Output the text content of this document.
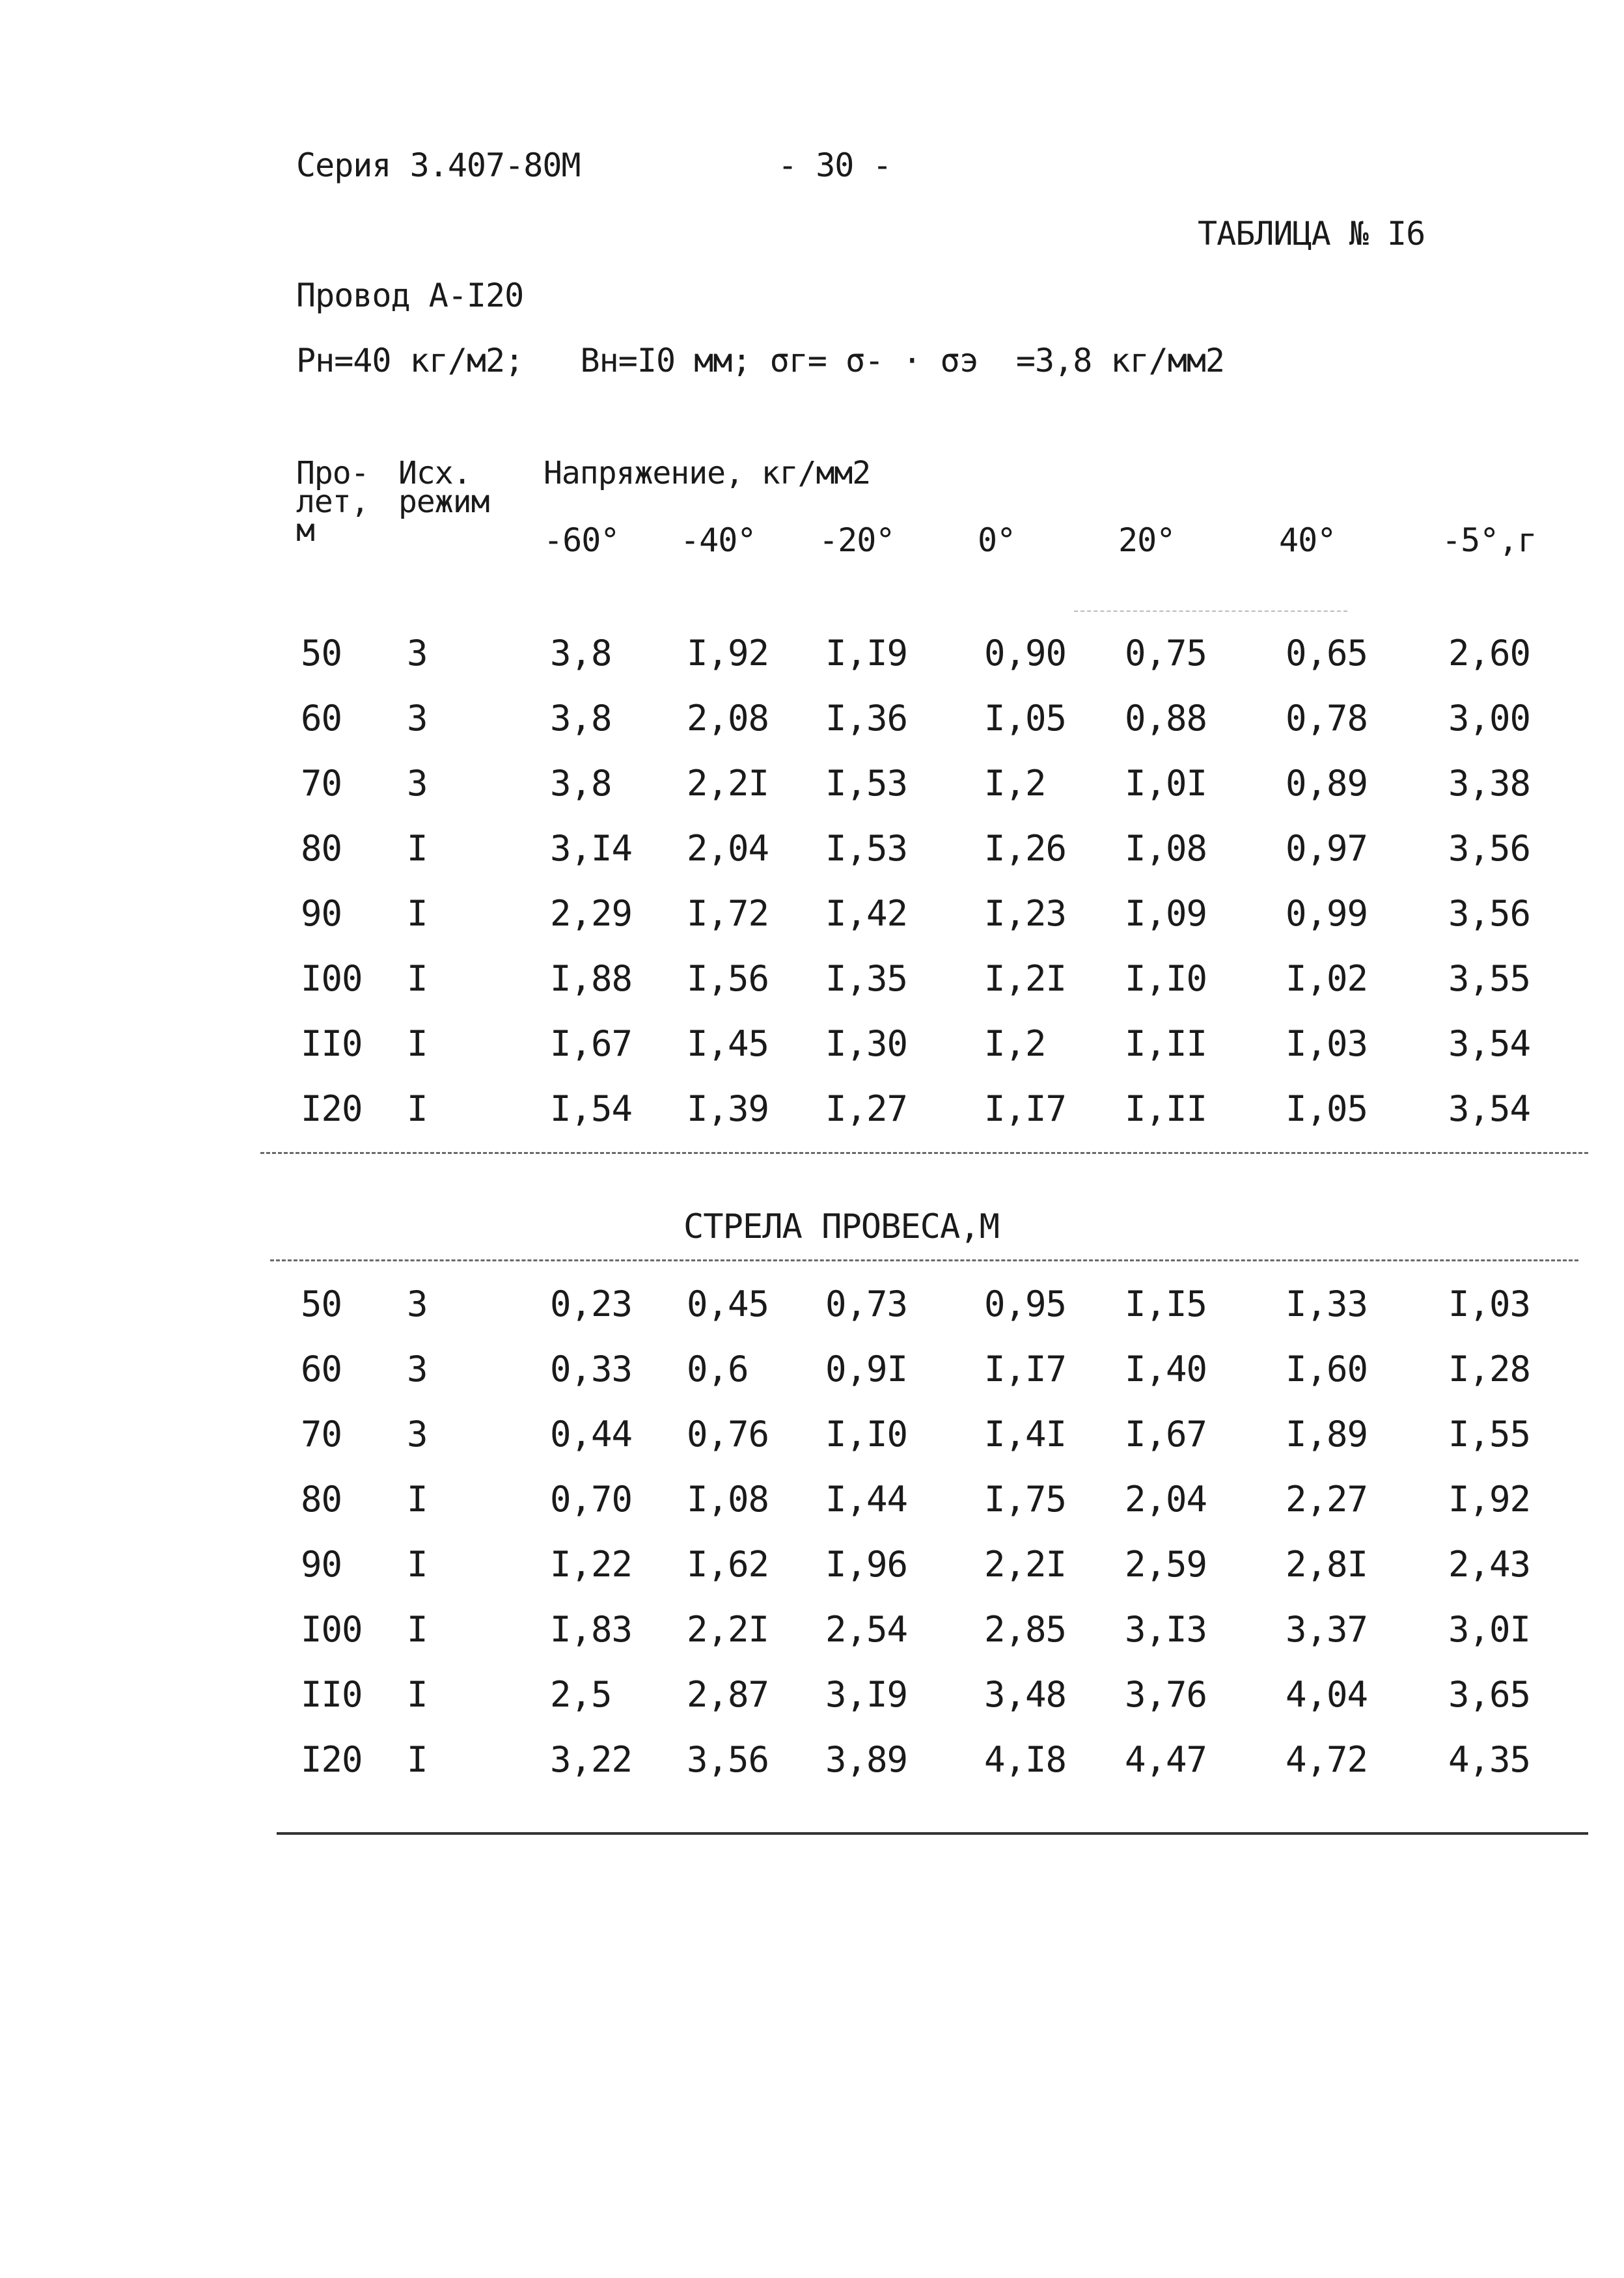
Серия 3.407-80М	- 30 -
ТАБЛИЦА № I6
Провод А-I20
Рн=40 кг/м2;   Вн=I0 мм; σг= σ- · σэ  =3,8 кг/мм2
Про-
лет,
м
Исх.
режим
Напряжение, кг/мм2
-60° -40° -20°	0°	20°	40°	-5°,г
50 3	3,8 I,92 I,I9 0,90 0,75 0,65 2,60
60 3	3,8 2,08 I,36 I,05 0,88 0,78 3,00
70 3	3,8 2,2I I,53 I,2 I,0I 0,89 3,38
80 I	3,I4 2,04 I,53 I,26 I,08 0,97 3,56
90 I	2,29 I,72 I,42 I,23 I,09 0,99 3,56
I00 I	I,88 I,56 I,35 I,2I I,I0 I,02 3,55
II0 I	I,67 I,45 I,30 I,2 I,II I,03 3,54
I20 I	I,54 I,39 I,27 I,I7 I,II I,05 3,54
СТРЕЛА ПРОВЕСА,М
50 3	0,23 0,45 0,73 0,95 I,I5 I,33 I,03
60 3	0,33 0,6 0,9I I,I7 I,40 I,60 I,28
70 3	0,44 0,76 I,I0 I,4I I,67 I,89 I,55
80 I	0,70 I,08 I,44 I,75 2,04 2,27 I,92
90 I	I,22 I,62 I,96 2,2I 2,59 2,8I 2,43
I00 I	I,83 2,2I 2,54 2,85 3,I3 3,37 3,0I
II0 I	2,5 2,87 3,I9 3,48 3,76 4,04 3,65
I20 I	3,22 3,56 3,89 4,I8 4,47 4,72 4,35
